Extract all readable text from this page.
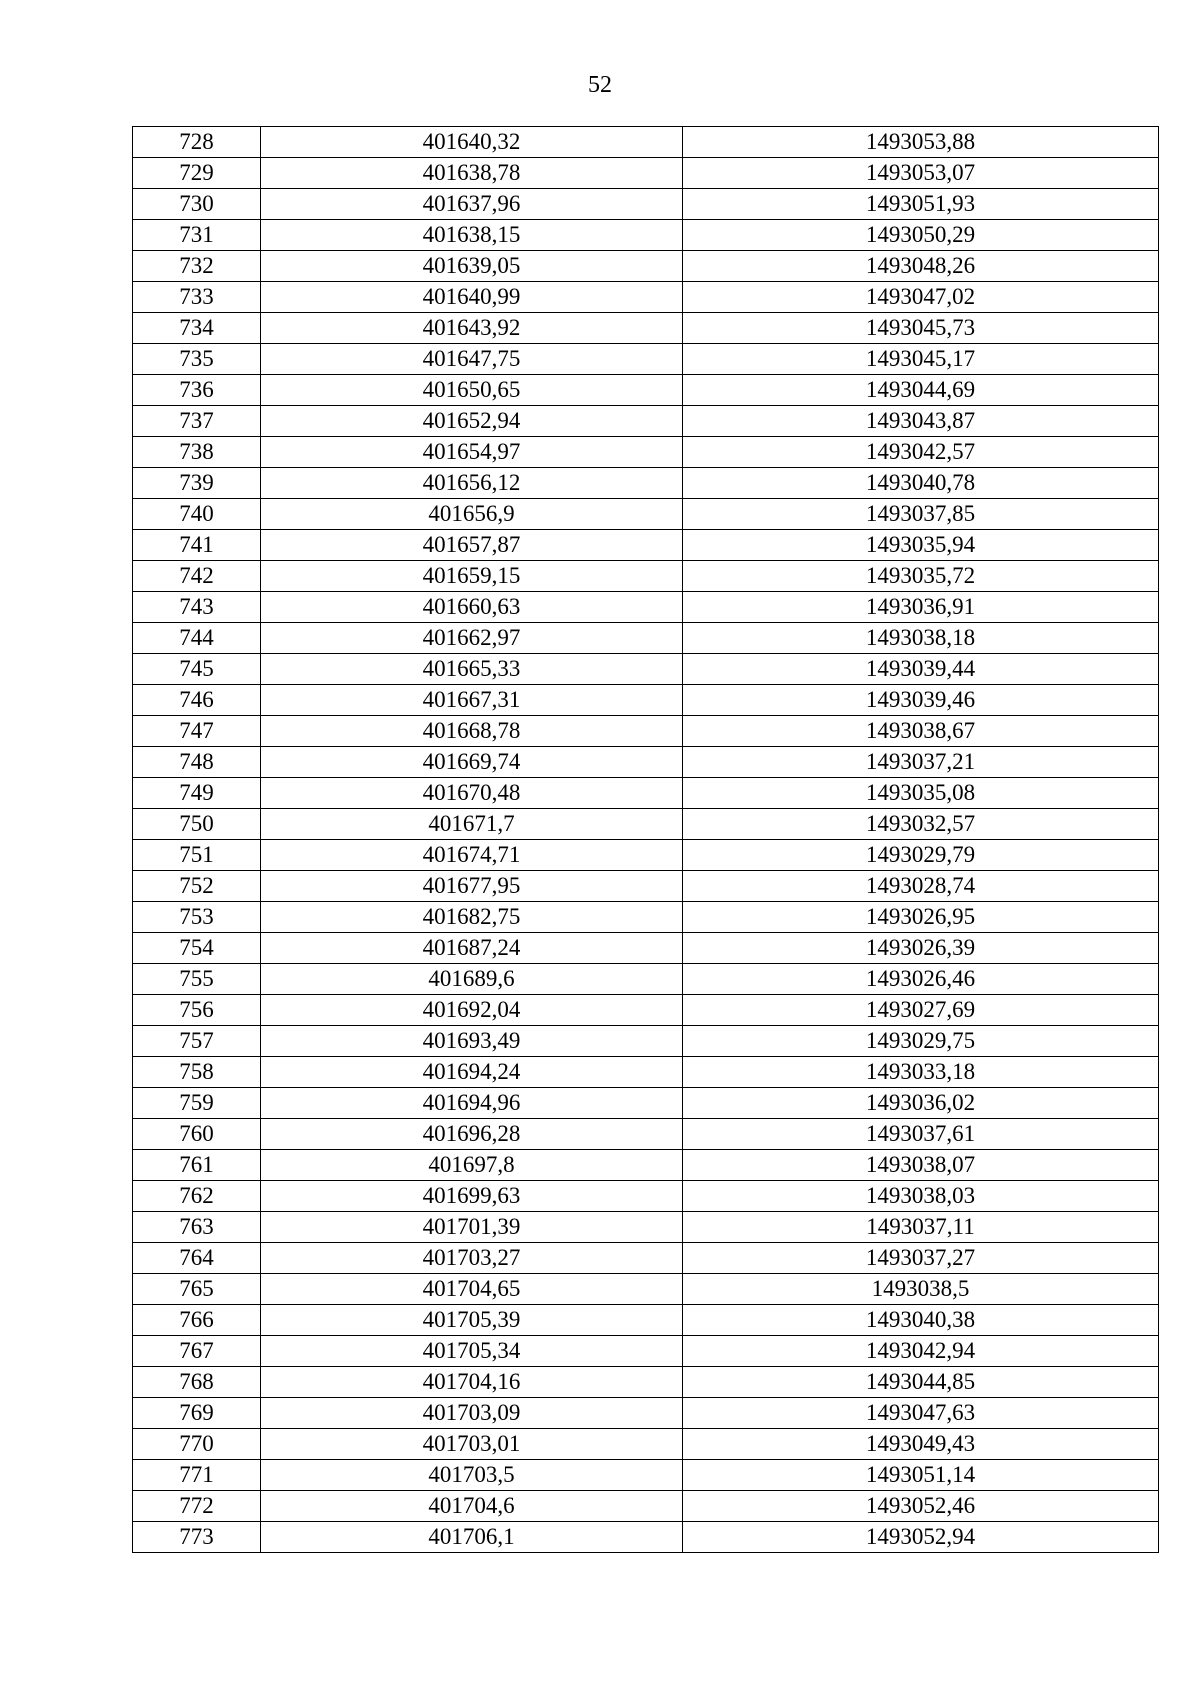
52
728	401640,32	1493053,88
729	401638,78	1493053,07
730	401637,96	1493051,93
731	401638,15	1493050,29
732	401639,05	1493048,26
733	401640,99	1493047,02
734	401643,92	1493045,73
735	401647,75	1493045,17
736	401650,65	1493044,69
737	401652,94	1493043,87
738	401654,97	1493042,57
739	401656,12	1493040,78
740	401656,9	1493037,85
741	401657,87	1493035,94
742	401659,15	1493035,72
743	401660,63	1493036,91
744	401662,97	1493038,18
745	401665,33	1493039,44
746	401667,31	1493039,46
747	401668,78	1493038,67
748	401669,74	1493037,21
749	401670,48	1493035,08
750	401671,7	1493032,57
751	401674,71	1493029,79
752	401677,95	1493028,74
753	401682,75	1493026,95
754	401687,24	1493026,39
755	401689,6	1493026,46
756	401692,04	1493027,69
757	401693,49	1493029,75
758	401694,24	1493033,18
759	401694,96	1493036,02
760	401696,28	1493037,61
761	401697,8	1493038,07
762	401699,63	1493038,03
763	401701,39	1493037,11
764	401703,27	1493037,27
765	401704,65	1493038,5
766	401705,39	1493040,38
767	401705,34	1493042,94
768	401704,16	1493044,85
769	401703,09	1493047,63
770	401703,01	1493049,43
771	401703,5	1493051,14
772	401704,6	1493052,46
773	401706,1	1493052,94
